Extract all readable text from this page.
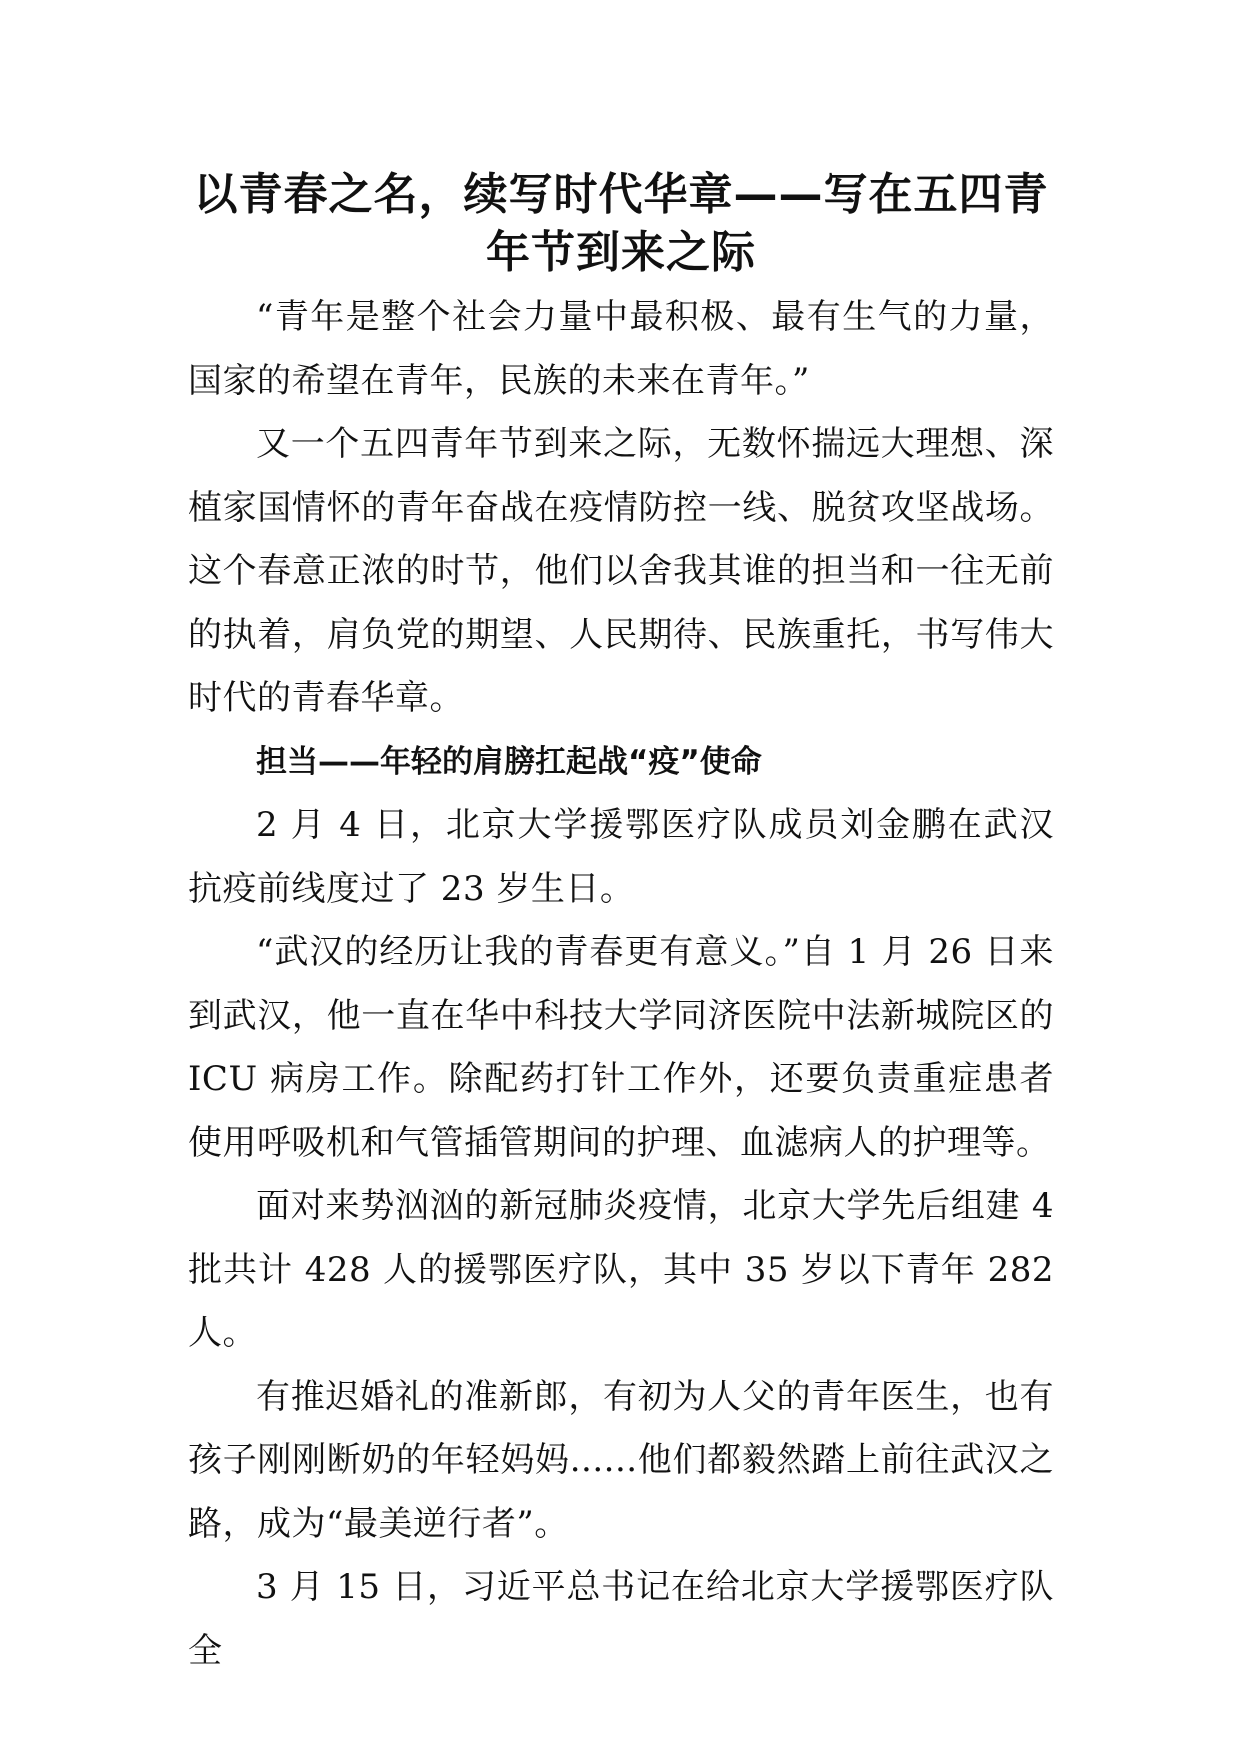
以青春之名，续写时代华章——写在五四青年节到来之际

“青年是整个社会力量中最积极、最有生气的力量，国家的希望在青年，民族的未来在青年。”

又一个五四青年节到来之际，无数怀揣远大理想、深植家国情怀的青年奋战在疫情防控一线、脱贫攻坚战场。这个春意正浓的时节，他们以舍我其谁的担当和一往无前的执着，肩负党的期望、人民期待、民族重托，书写伟大时代的青春华章。

担当——年轻的肩膀扛起战“疫”使命

2 月 4 日，北京大学援鄂医疗队成员刘金鹏在武汉抗疫前线度过了 23 岁生日。

“武汉的经历让我的青春更有意义。”自 1 月 26 日来到武汉，他一直在华中科技大学同济医院中法新城院区的 ICU 病房工作。除配药打针工作外，还要负责重症患者使用呼吸机和气管插管期间的护理、血滤病人的护理等。

面对来势汹汹的新冠肺炎疫情，北京大学先后组建 4 批共计 428 人的援鄂医疗队，其中 35 岁以下青年 282 人。

有推迟婚礼的准新郎，有初为人父的青年医生，也有孩子刚刚断奶的年轻妈妈......他们都毅然踏上前往武汉之路，成为“最美逆行者”。

3 月 15 日，习近平总书记在给北京大学援鄂医疗队全
